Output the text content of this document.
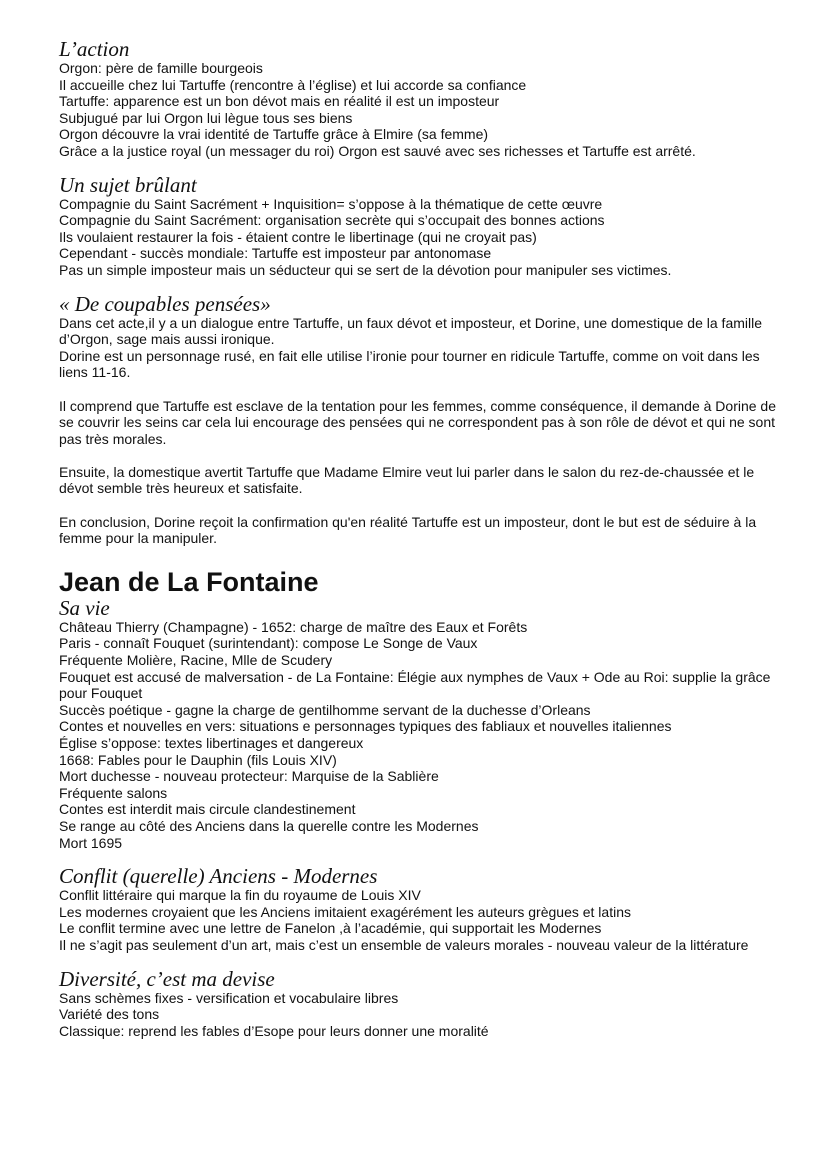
L’action

Orgon: père de famille bourgeois

Il accueille chez lui Tartuffe (rencontre à l’église) et lui accorde sa confiance

Tartuffe: apparence est un bon dévot mais en réalité il est un imposteur

Subjugué par lui Orgon lui lègue tous ses biens

Orgon découvre la vrai identité de Tartuffe grâce à Elmire (sa femme)

Grâce a la justice royal (un messager du roi) Orgon est sauvé avec ses richesses et Tartuffe est arrêté.

Un sujet brûlant

Compagnie du Saint Sacrément + Inquisition= s’oppose à la thématique de cette œuvre

Compagnie du Saint Sacrément: organisation secrète qui s’occupait des bonnes actions

Ils voulaient restaurer la fois - étaient contre le libertinage (qui ne croyait pas)

Cependant - succès mondiale: Tartuffe est imposteur par antonomase

Pas un simple imposteur mais un séducteur qui se sert de la dévotion pour manipuler ses victimes.

« De coupables pensées»

Dans cet acte,il y a un dialogue entre Tartuffe, un faux dévot et imposteur, et Dorine, une domestique de la famille d’Orgon, sage mais aussi ironique.
Dorine est un personnage rusé, en fait elle utilise l’ironie pour tourner en ridicule Tartuffe, comme on voit dans les liens 11-16.

Il comprend que Tartuffe est esclave de la tentation pour les femmes, comme conséquence, il demande à Dorine de se couvrir les seins car cela lui encourage des pensées qui ne correspondent pas à son rôle de dévot et qui ne sont pas très morales.

Ensuite, la domestique avertit Tartuffe que Madame Elmire veut lui parler dans le salon du rez-de-chaussée et le dévot semble très heureux et satisfaite.

En conclusion, Dorine reçoit la confirmation qu'en réalité Tartuffe est un imposteur, dont le but est de séduire à la femme pour la manipuler.

Jean de La Fontaine
Sa vie

Château Thierry (Champagne) - 1652: charge de maître des Eaux et Forêts

Paris - connaît Fouquet (surintendant): compose Le Songe de Vaux

Fréquente Molière, Racine, Mlle de Scudery

Fouquet est accusé de malversation - de La Fontaine: Élégie aux nymphes de Vaux + Ode au Roi: supplie la grâce pour Fouquet

Succès poétique - gagne la charge de gentilhomme servant de la duchesse d’Orleans

Contes et nouvelles en vers: situations e personnages typiques des fabliaux et nouvelles italiennes

Église s’oppose: textes libertinages et dangereux

1668: Fables pour le Dauphin (fils Louis XIV)

Mort duchesse - nouveau protecteur: Marquise de la Sablière

Fréquente salons

Contes est interdit mais circule clandestinement

Se range au côté des Anciens dans la querelle contre les Modernes

Mort 1695

Conflit (querelle) Anciens - Modernes

Conflit littéraire qui marque la fin du royaume de Louis XIV

Les modernes croyaient que les Anciens imitaient exagérément les auteurs grègues et latins

Le conflit termine avec une lettre de Fanelon ,à l’académie, qui supportait les Modernes

Il ne s’agit pas seulement d’un art, mais c’est un ensemble de valeurs morales - nouveau valeur de la littérature

Diversité, c’est ma devise

Sans schèmes fixes - versification et vocabulaire libres

Variété des tons

Classique: reprend les fables d’Esope pour leurs donner une moralité
